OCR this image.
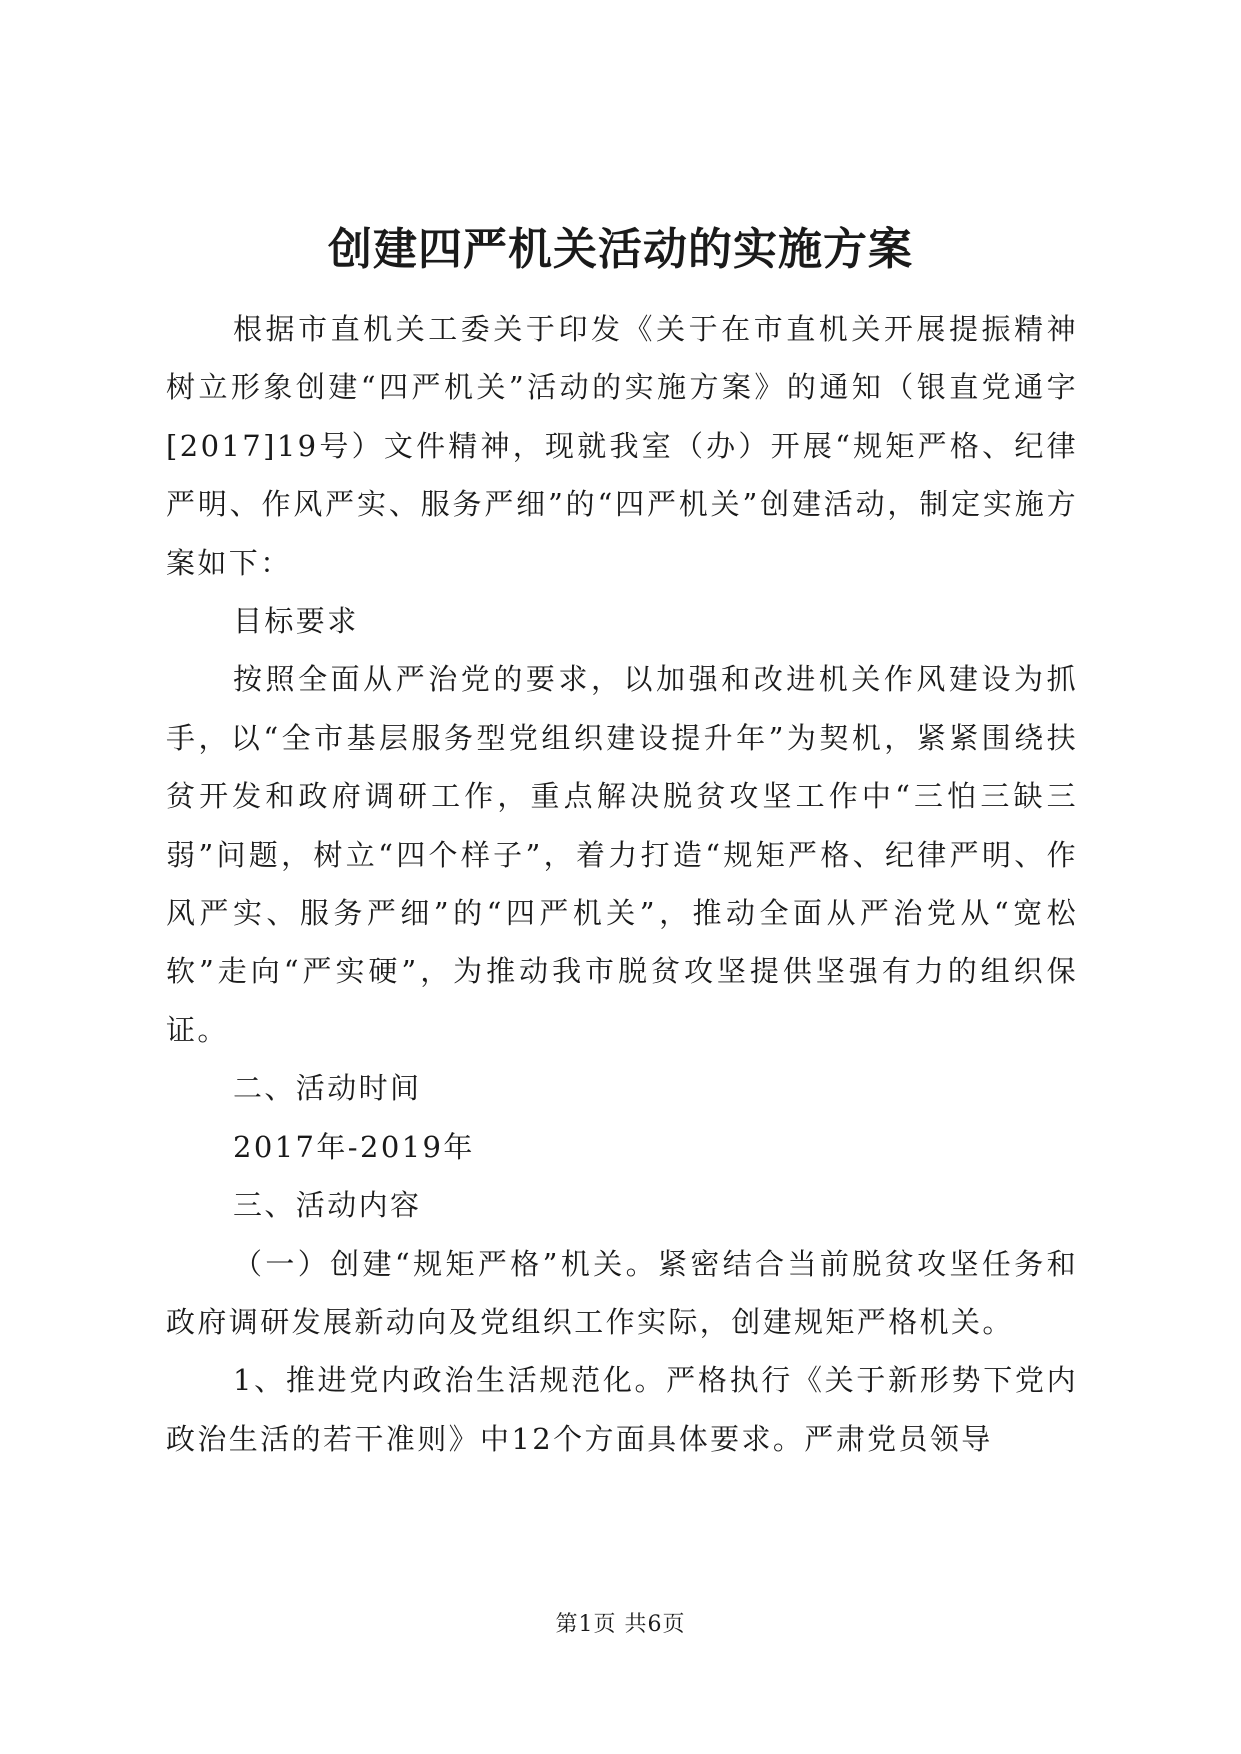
创建四严机关活动的实施方案

根据市直机关工委关于印发《关于在市直机关开展提振精神树立形象创建“四严机关”活动的实施方案》的通知（银直党通字[2017]19号）文件精神，现就我室（办）开展“规矩严格、纪律严明、作风严实、服务严细”的“四严机关”创建活动，制定实施方案如下：

目标要求

按照全面从严治党的要求，以加强和改进机关作风建设为抓手，以“全市基层服务型党组织建设提升年”为契机，紧紧围绕扶贫开发和政府调研工作，重点解决脱贫攻坚工作中“三怕三缺三弱”问题，树立“四个样子”，着力打造“规矩严格、纪律严明、作风严实、服务严细”的“四严机关”，推动全面从严治党从“宽松软”走向“严实硬”，为推动我市脱贫攻坚提供坚强有力的组织保证。

二、活动时间

2017年-2019年

三、活动内容

（一）创建“规矩严格”机关。紧密结合当前脱贫攻坚任务和政府调研发展新动向及党组织工作实际，创建规矩严格机关。

1、推进党内政治生活规范化。严格执行《关于新形势下党内政治生活的若干准则》中12个方面具体要求。严肃党员领导

第1页 共6页
